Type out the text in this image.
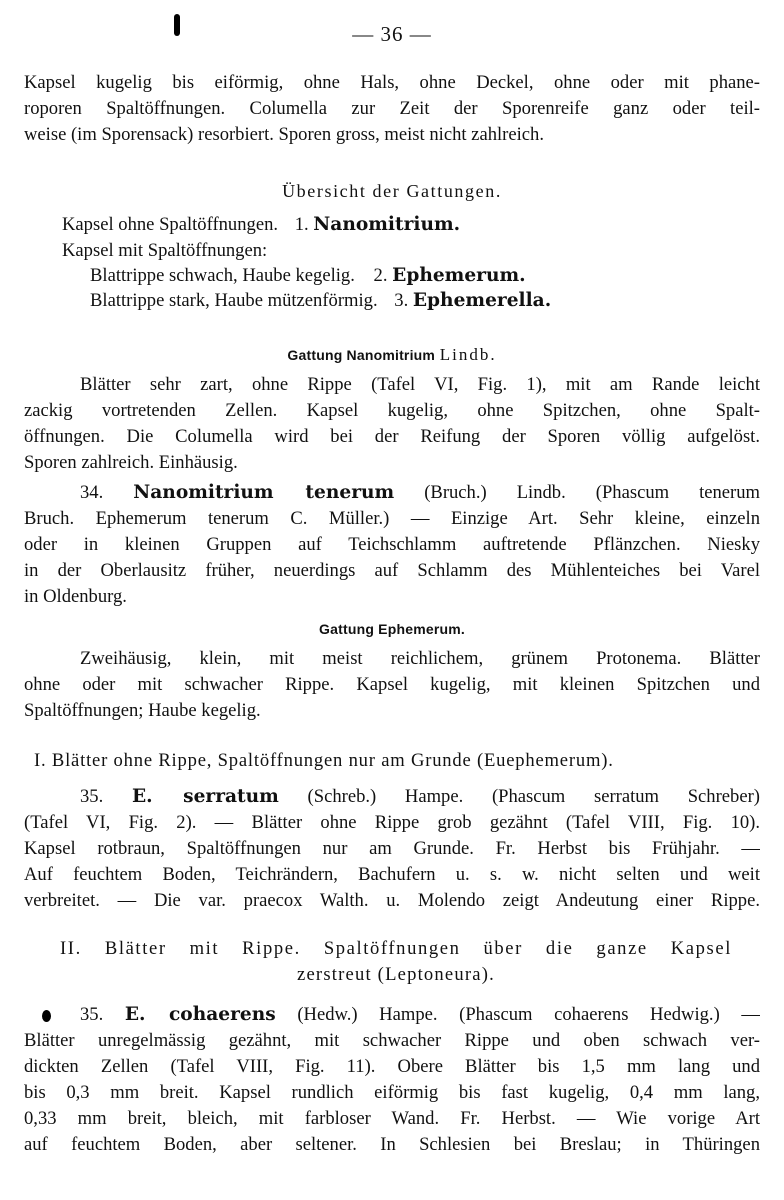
— 36 —
Kapsel kugelig bis eiförmig, ohne Hals, ohne Deckel, ohne oder mit phane-
roporen Spaltöffnungen. Columella zur Zeit der Sporenreife ganz oder teil-
weise (im Sporensack) resorbiert. Sporen gross, meist nicht zahlreich.
Übersicht der Gattungen.
Kapsel ohne Spaltöffnungen. 1. Nanomitrium.
Kapsel mit Spaltöffnungen:
Blattrippe schwach, Haube kegelig. 2. Ephemerum.
Blattrippe stark, Haube mützenförmig. 3. Ephemerella.
Gattung Nanomitrium Lindb.
Blätter sehr zart, ohne Rippe (Tafel VI, Fig. 1), mit am Rande leicht
zackig vortretenden Zellen. Kapsel kugelig, ohne Spitzchen, ohne Spalt-
öffnungen. Die Columella wird bei der Reifung der Sporen völlig aufgelöst.
Sporen zahlreich. Einhäusig.
34. Nanomitrium tenerum (Bruch.) Lindb. (Phascum tenerum
Bruch. Ephemerum tenerum C. Müller.) — Einzige Art. Sehr kleine, einzeln
oder in kleinen Gruppen auf Teichschlamm auftretende Pflänzchen. Niesky
in der Oberlausitz früher, neuerdings auf Schlamm des Mühlenteiches bei Varel
in Oldenburg.
Gattung Ephemerum.
Zweihäusig, klein, mit meist reichlichem, grünem Protonema. Blätter
ohne oder mit schwacher Rippe. Kapsel kugelig, mit kleinen Spitzchen und
Spaltöffnungen; Haube kegelig.
I. Blätter ohne Rippe, Spaltöffnungen nur am Grunde (Euephemerum).
35. E. serratum (Schreb.) Hampe. (Phascum serratum Schreber)
(Tafel VI, Fig. 2). — Blätter ohne Rippe grob gezähnt (Tafel VIII, Fig. 10).
Kapsel rotbraun, Spaltöffnungen nur am Grunde. Fr. Herbst bis Frühjahr. —
Auf feuchtem Boden, Teichrändern, Bachufern u. s. w. nicht selten und weit
verbreitet. — Die var. praecox Walth. u. Molendo zeigt Andeutung einer Rippe.
II. Blätter mit Rippe. Spaltöffnungen über die ganze Kapsel
zerstreut (Leptoneura).
35. E. cohaerens (Hedw.) Hampe. (Phascum cohaerens Hedwig.) —
Blätter unregelmässig gezähnt, mit schwacher Rippe und oben schwach ver-
dickten Zellen (Tafel VIII, Fig. 11). Obere Blätter bis 1,5 mm lang und
bis 0,3 mm breit. Kapsel rundlich eiförmig bis fast kugelig, 0,4 mm lang,
0,33 mm breit, bleich, mit farbloser Wand. Fr. Herbst. — Wie vorige Art
auf feuchtem Boden, aber seltener. In Schlesien bei Breslau; in Thüringen
